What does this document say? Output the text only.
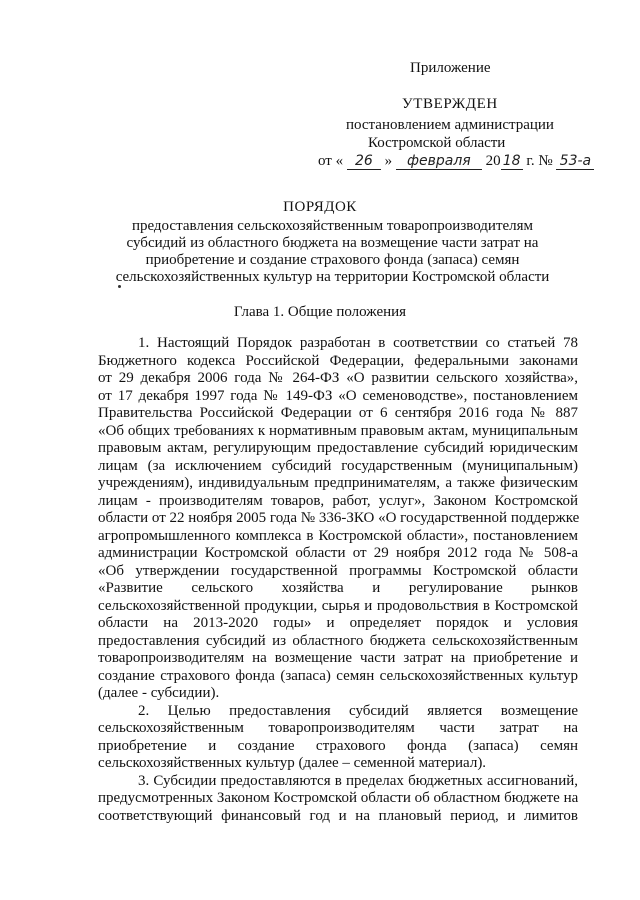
Приложение
УТВЕРЖДЕН
постановлением администрации
Костромской области
от « 26 » февраля 20 18 г. № 53-а
ПОРЯДОК
предоставления сельскохозяйственным товаропроизводителям
субсидий из областного бюджета на возмещение части затрат на
приобретение и создание страхового фонда (запаса) семян
сельскохозяйственных культур на территории Костромской области
Глава 1. Общие положения
1. Настоящий Порядок разработан в соответствии со статьей 78
Бюджетного кодекса Российской Федерации, федеральными законами
от 29 декабря 2006 года № 264-ФЗ «О развитии сельского хозяйства»,
от 17 декабря 1997 года № 149-ФЗ «О семеноводстве», постановлением
Правительства Российской Федерации от 6 сентября 2016 года № 887
«Об общих требованиях к нормативным правовым актам, муниципальным
правовым актам, регулирующим предоставление субсидий юридическим
лицам (за исключением субсидий государственным (муниципальным)
учреждениям), индивидуальным предпринимателям, а также физическим
лицам - производителям товаров, работ, услуг», Законом Костромской
области от 22 ноября 2005 года № 336-ЗКО «О государственной поддержке
агропромышленного комплекса в Костромской области», постановлением
администрации Костромской области от 29 ноября 2012 года № 508-а
«Об утверждении государственной программы Костромской области
«Развитие сельского хозяйства и регулирование рынков
сельскохозяйственной продукции, сырья и продовольствия в Костромской
области на 2013-2020 годы» и определяет порядок и условия
предоставления субсидий из областного бюджета сельскохозяйственным
товаропроизводителям на возмещение части затрат на приобретение и
создание страхового фонда (запаса) семян сельскохозяйственных культур
(далее - субсидии).
2. Целью предоставления субсидий является возмещение
сельскохозяйственным товаропроизводителям части затрат на
приобретение и создание страхового фонда (запаса) семян
сельскохозяйственных культур (далее – семенной материал).
3. Субсидии предоставляются в пределах бюджетных ассигнований,
предусмотренных Законом Костромской области об областном бюджете на
соответствующий финансовый год и на плановый период, и лимитов
